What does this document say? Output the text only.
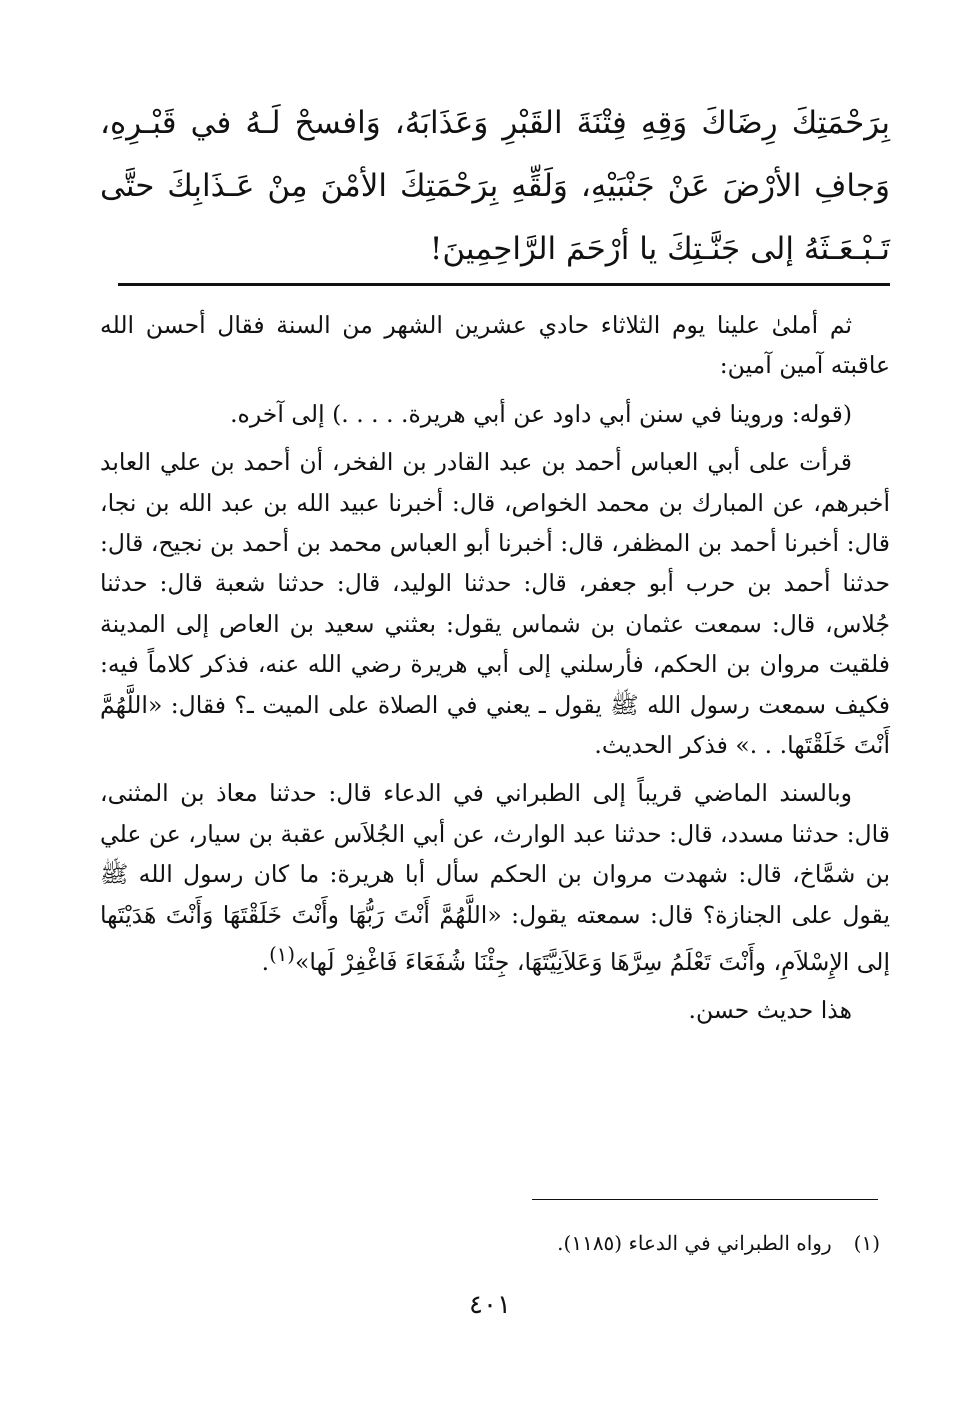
بِرَحْمَتِكَ رِضَاكَ وَقِهِ فِتْنَةَ القَبْرِ وَعَذَابَهُ، وَافسحْ لَـهُ في قَبْـرِهِ، وَجافِ الأرْضَ عَنْ جَنْبَيْهِ، وَلَقِّهِ بِرَحْمَتِكَ الأمْنَ مِنْ عَـذَابِكَ حتَّى تَـبْـعَـثَهُ إلى جَنَّـتِكَ يا أرْحَمَ الرَّاحِمِينَ!

ثم أملىٰ علينا يوم الثلاثاء حادي عشرين الشهر من السنة فقال أحسن الله عاقبته آمين آمين:

(قوله: وروينا في سنن أبي داود عن أبي هريرة. . . . .) إلى آخره.

قرأت على أبي العباس أحمد بن عبد القادر بن الفخر، أن أحمد بن علي العابد أخبرهم، عن المبارك بن محمد الخواص، قال: أخبرنا عبيد الله بن عبد الله بن نجا، قال: أخبرنا أحمد بن المظفر، قال: أخبرنا أبو العباس محمد بن أحمد بن نجيح، قال: حدثنا أحمد بن حرب أبو جعفر، قال: حدثنا الوليد، قال: حدثنا شعبة قال: حدثنا جُلاس، قال: سمعت عثمان بن شماس يقول: بعثني سعيد بن العاص إلى المدينة فلقيت مروان بن الحكم، فأرسلني إلى أبي هريرة رضي الله عنه، فذكر كلاماً فيه: فكيف سمعت رسول الله ﷺ يقول ـ يعني في الصلاة على الميت ـ؟ فقال: «اللَّهُمَّ أَنْتَ خَلَقْتَها. . .» فذكر الحديث.

وبالسند الماضي قريباً إلى الطبراني في الدعاء قال: حدثنا معاذ بن المثنى، قال: حدثنا مسدد، قال: حدثنا عبد الوارث، عن أبي الجُلاَس عقبة بن سيار، عن علي بن شمَّاخ، قال: شهدت مروان بن الحكم سأل أبا هريرة: ما كان رسول الله ﷺ يقول على الجنازة؟ قال: سمعته يقول: «اللَّهُمَّ أَنْتَ رَبُّهَا وأَنْتَ خَلَقْتَهَا وَأَنْتَ هَدَيْتَها إلى الإِسْلاَمِ، وأَنْتَ تَعْلَمُ سِرَّهَا وَعَلاَنِيَّتَهَا، جِئْنَا شُفَعَاءَ فَاغْفِرْ لَها»$^{(١)}$.

هذا حديث حسن.

(١)رواه الطبراني في الدعاء (١١٨٥).
٤٠١
